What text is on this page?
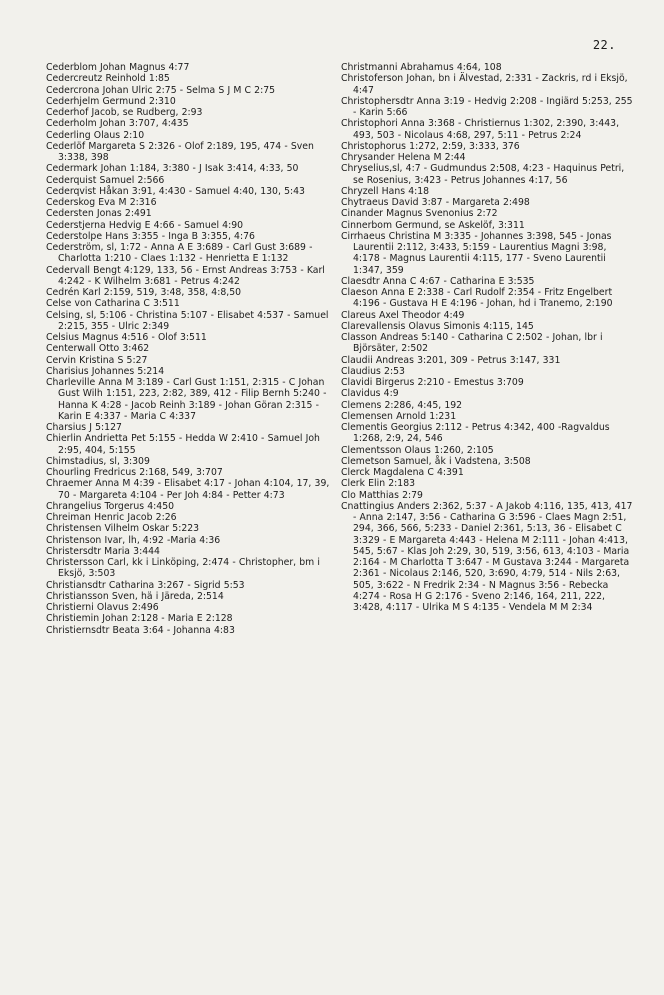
22.
Cederblom Johan Magnus 4:77
Cedercreutz Reinhold 1:85
Cedercrona Johan Ulric 2:75 - Selma S J M C 2:75
Cederhjelm Germund 2:310
Cederhof Jacob, se Rudberg, 2:93
Cederholm Johan 3:707, 4:435
Cederling Olaus 2:10
Cederlöf Margareta S 2:326 - Olof 2:189, 195, 474 - Sven 3:338, 398
Cedermark Johan 1:184, 3:380 - J Isak 3:414, 4:33, 50
Cederquist Samuel 2:566
Cederqvist Håkan 3:91, 4:430 - Samuel 4:40, 130, 5:43
Cederskog Eva M 2:316
Cedersten Jonas 2:491
Cederstjerna Hedvig E 4:66 - Samuel 4:90
Cederstolpe Hans 3:355 - Inga B 3:355, 4:76
Cederström, sl, 1:72 - Anna A E 3:689 - Carl Gust 3:689 - Charlotta 1:210 - Claes 1:132 - Henrietta E 1:132
Cedervall Bengt 4:129, 133, 56 - Ernst Andreas 3:753 - Karl 4:242 - K Wilhelm 3:681 - Petrus 4:242
Cedrén Karl 2:159, 519, 3:48, 358, 4:8,50
Celse von Catharina C 3:511
Celsing, sl, 5:106 - Christina 5:107 - Elisabet 4:537 - Samuel 2:215, 355 - Ulric 2:349
Celsius Magnus 4:516 - Olof 3:511
Centerwall Otto 3:462
Cervin Kristina S 5:27
Charisius Johannes 5:214
Charleville Anna M 3:189 - Carl Gust 1:151, 2:315 - C Johan Gust Wilh 1:151, 223, 2:82, 389, 412 - Filip Bernh 5:240 - Hanna K 4:28 - Jacob Reinh 3:189 - Johan Göran 2:315 - Karin E 4:337 - Maria C 4:337
Charsius J 5:127
Chierlin Andrietta Pet 5:155 - Hedda W 2:410 - Samuel Joh 2:95, 404, 5:155
Chimstadius, sl, 3:309
Chourling Fredricus 2:168, 549, 3:707
Chraemer Anna M 4:39 - Elisabet 4:17 - Johan 4:104, 17, 39, 70 - Margareta 4:104 - Per Joh 4:84 - Petter 4:73
Chrangelius Torgerus 4:450
Chreiman Henric Jacob 2:26
Christensen Vilhelm Oskar 5:223
Christenson Ivar, lh, 4:92 -Maria 4:36
Christersdtr Maria 3:444
Christersson Carl, kk i Linköping, 2:474 - Christopher, bm i Eksjö, 3:503
Christiansdtr Catharina 3:267 - Sigrid 5:53
Christiansson Sven, hä i Järeda, 2:514
Christierni Olavus 2:496
Christiemin Johan 2:128 - Maria E 2:128
Christiernsdtr Beata 3:64 - Johanna 4:83
Christmanni Abrahamus 4:64, 108
Christoferson Johan, bn i Älvestad, 2:331 - Zackris, rd i Eksjö, 4:47
Christophersdtr Anna 3:19 - Hedvig 2:208 - Ingiärd 5:253, 255 - Karin 5:66
Christophori Anna 3:368 - Christiernus 1:302, 2:390, 3:443, 493, 503 - Nicolaus 4:68, 297, 5:11 - Petrus 2:24
Christophorus 1:272, 2:59, 3:333, 376
Chrysander Helena M 2:44
Chryselius,sl, 4:7 - Gudmundus 2:508, 4:23 - Haquinus Petri, se Rosenius, 3:423 - Petrus Johannes 4:17, 56
Chryzell Hans 4:18
Chytraeus David 3:87 - Margareta 2:498
Cinander Magnus Svenonius 2:72
Cinnerbom Germund, se Askelöf, 3:311
Cirrhaeus Christina M 3:335 - Johannes 3:398, 545 - Jonas Laurentii 2:112, 3:433, 5:159 - Laurentius Magni 3:98, 4:178 - Magnus Laurentii 4:115, 177 - Sveno Laurentii 1:347, 359
Claesdtr Anna C 4:67 - Catharina E 3:535
Claeson Anna E 2:338 - Carl Rudolf 2:354 - Fritz Engelbert 4:196 - Gustava H E 4:196 - Johan, hd i Tranemo, 2:190
Clareus Axel Theodor 4:49
Clarevallensis Olavus Simonis 4:115, 145
Classon Andreas 5:140 - Catharina C 2:502 - Johan, lbr i Björsäter, 2:502
Claudii Andreas 3:201, 309 - Petrus 3:147, 331
Claudius 2:53
Clavidi Birgerus 2:210 - Emestus 3:709
Clavidus 4:9
Clemens 2:286, 4:45, 192
Clemensen Arnold 1:231
Clementis Georgius 2:112 - Petrus 4:342, 400 -Ragvaldus 1:268, 2:9, 24, 546
Clementsson Olaus 1:260, 2:105
Clemetson Samuel, åk i Vadstena, 3:508
Clerck Magdalena C 4:391
Clerk Elin 2:183
Clo Matthias 2:79
Cnattingius Anders 2:362, 5:37 - A Jakob 4:116, 135, 413, 417 - Anna 2:147, 3:56 - Catharina G 3:596 - Claes Magn 2:51, 294, 366, 566, 5:233 - Daniel 2:361, 5:13, 36 - Elisabet C 3:329 - E Margareta 4:443 - Helena M 2:111 - Johan 4:413, 545, 5:67 - Klas Joh 2:29, 30, 519, 3:56, 613, 4:103 - Maria 2:164 - M Charlotta T 3:647 - M Gustava 3:244 - Margareta 2:361 - Nicolaus 2:146, 520, 3:690, 4:79, 514 - Nils 2:63, 505, 3:622 - N Fredrik 2:34 - N Magnus 3:56 - Rebecka 4:274 - Rosa H G 2:176 - Sveno 2:146, 164, 211, 222, 3:428, 4:117 - Ulrika M S 4:135 - Vendela M M 2:34
